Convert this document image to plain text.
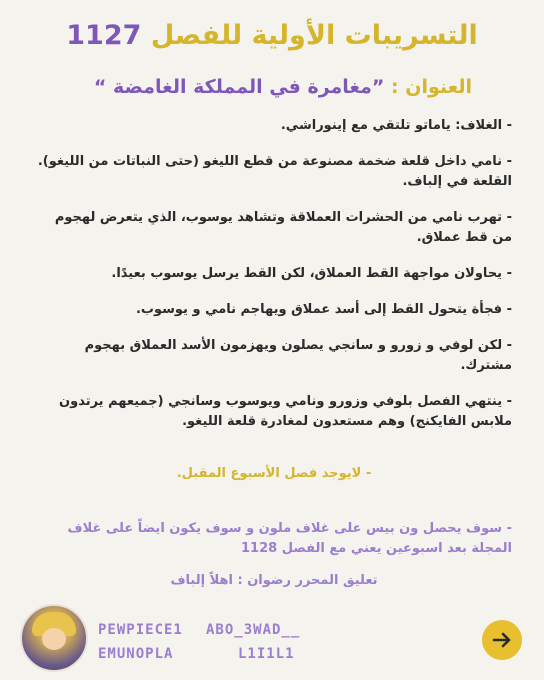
التسريبات الأولية للفصل 1127
العنوان : ”مغامرة في المملكة الغامضة “

- الغلاف: ياماتو تلتقي مع إينوراشي.

- نامي داخل قلعة ضخمة مصنوعة من قطع الليغو (حتى النباتات من الليغو). القلعة في إلباف.

- تهرب نامي من الحشرات العملاقة وتشاهد يوسوب، الذي يتعرض لهجوم من قط عملاق.

- يحاولان مواجهة القط العملاق، لكن القط يرسل يوسوب بعيدًا.

- فجأة يتحول القط إلى أسد عملاق ويهاجم نامي و يوسوب.

- لكن لوفي و زورو و سانجي يصلون ويهزمون الأسد العملاق بهجوم مشترك.

- ينتهي الفصل بلوفي وزورو ونامي ويوسوب وسانجي (جميعهم يرتدون ملابس الفايكنج) وهم مستعدون لمغادرة قلعة الليغو.

- لايوجد فصل الأسبوع المقبل.

- سوف يحصل ون بيس على غلاف ملون و سوف يكون ايضاً على غلاف المجلة بعد اسبوعين يعني مع الفصل 1128

تعليق المحرر رضوان : اهلاً إلباف

PEWPIECE1 ABO_3WAD__
EMUNOPLA	L1I1L1
